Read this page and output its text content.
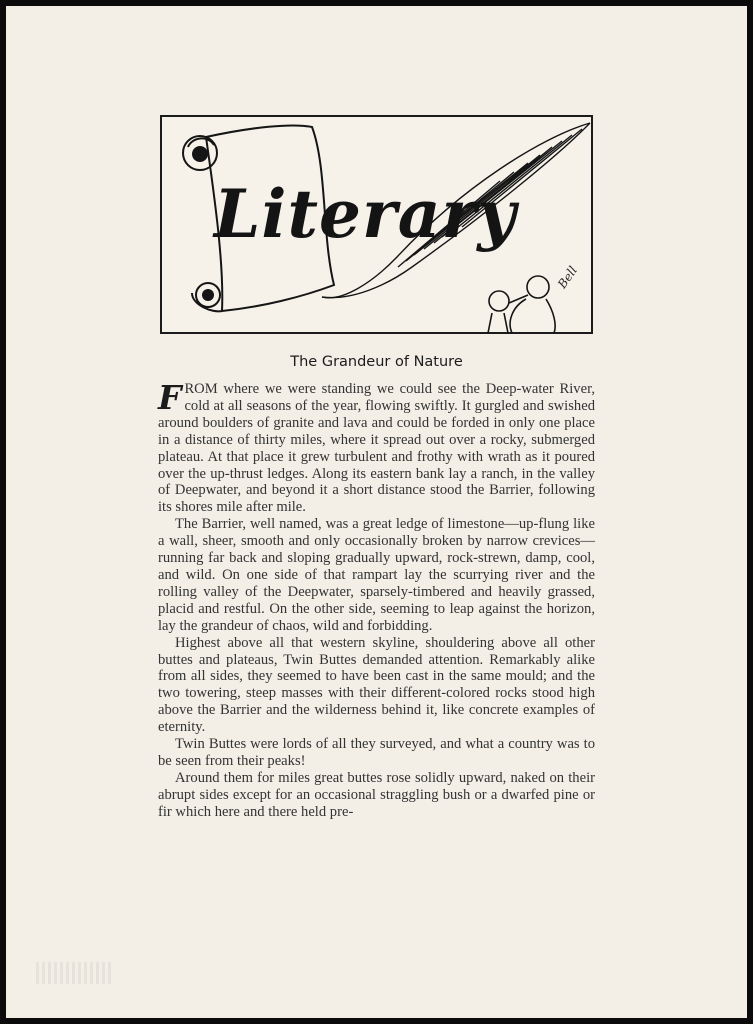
Literary
Bell
The Grandeur of Nature

FROM where we were standing we could see the Deep-water River, cold at all seasons of the year, flowing swiftly. It gurgled and swished around boulders of granite and lava and could be forded in only one place in a distance of thirty miles, where it spread out over a rocky, submerged plateau. At that place it grew turbulent and frothy with wrath as it poured over the up-thrust ledges. Along its eastern bank lay a ranch, in the valley of Deepwater, and beyond it a short distance stood the Barrier, following its shores mile after mile.

The Barrier, well named, was a great ledge of limestone—up-flung like a wall, sheer, smooth and only occasionally broken by narrow crevices—running far back and sloping gradually upward, rock-strewn, damp, cool, and wild. On one side of that rampart lay the scurrying river and the rolling valley of the Deepwater, sparsely-timbered and heavily grassed, placid and restful. On the other side, seeming to leap against the horizon, lay the grandeur of chaos, wild and forbidding.

Highest above all that western skyline, shouldering above all other buttes and plateaus, Twin Buttes demanded attention. Remarkably alike from all sides, they seemed to have been cast in the same mould; and the two towering, steep masses with their different-colored rocks stood high above the Barrier and the wilderness behind it, like concrete examples of eternity.

Twin Buttes were lords of all they surveyed, and what a country was to be seen from their peaks!

Around them for miles great buttes rose solidly upward, naked on their abrupt sides except for an occasional straggling bush or a dwarfed pine or fir which here and there held pre-
